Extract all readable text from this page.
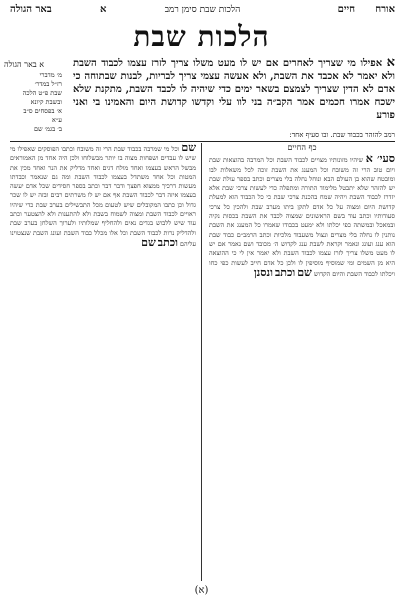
אורח
חיים
הלכות שבת סימן רמב
א
באר הגולה
הלכות שבת
א באר הגולה
מ׳ מדברי
רז״ל במדר׳
שבת פ״ט הלכה
ובשבת קיונא
א׳ בפסחים ס״ב
ע״א
ב׳ בגמ׳ שם
א אפילו מי שצריך לאחרים אם יש לו מעט משלו צריך לזרז עצמו לכבוד השבת ולא יאמר לא אכבד את השבת, ולא אעשה עצמי צריך לבריות, לבנות שבתוחה כי אדם לא הדין שצריך לצמצם בשאר ימים כדי שיהיה לו לכבד השבת, מתקנת שלא ישכח אמרו חכמים אמר הקב״ה בני לוו עלי וקדשו קדושת היום והאמינו בי ואני פורע
רמב להזהר בכבוד שבת. ובו סעיף אחד:
כף החיים
סעי׳ א שיהיו מזונותיו מצויים לכבוד השבת וכל המרבה בהוצאות שבת ויום טוב הרי זה משובח וכל המענג את השבת זוכה לכל משאלות לבו ומובטח שהוא בן העולם הבא ונוחל נחלה בלי מצרים וכתב בספר עולת שבת יש להזהר שלא יתבטל מלימוד התורה ומתפלה כדי לעשות צרכי שבת אלא יזדרז לכבוד השבת ויהיה שמח בהכנת צרכי שבת כי כל הכבוד הוא למעלת קדושת היום ומצוה על כל אדם לתקן ביתו מערב שבת ולהכין כל צרכי סעודותיו וכתב עוד בשם הראשונים שמצוה לכבד את השבת בכסות נקיה ובמאכל ובמשתה כפי יכלתו ולא ימעט בכבודו שאמרו כל המענג את השבת נותנין לו נחלה בלי מצרים ונצול משעבוד מלכיות וכתב הרמב״ם כבוד שבת הוא ענג ועונג ונאמר וקראת לשבת ענג לקדוש ה׳ מכובד ושם נאמר אם יש לו מעט משלו צריך לזרז עצמו לכבוד השבת ולא יאמר אין לי כי ההוצאה היא מן השמים ומי שמוסיף מוסיפין לו ולכן כל אדם חייב לעשות כפי כחו ויכלתו לכבוד השבת והיום הקדוש שם וכתב ונסנן
שם וכל מי שמרבה בכבוד שבת הרי זה משובח וכתבו הפוסקים שאפילו מי שיש לו עבדים ושפחות מצוה בו יותר מבשלוחו ולכן היה אחד מן האמוראים מבשל הראש בעצמו ואחד מולח דגים ואחד מדליק את הנר ואחד מכין את המטות וכל אחד משתדל בעצמו לכבוד השבת ומה גם שנאמר וכבדתו מעשות דרכיך ממצוא חפצך ודבר דבר וכתב בספר חסידים שכל אדם יעשה בעצמו איזה דבר לכבוד השבת אף אם יש לו משרתים רבים ובזה יש לו שכר גדול וכן כתבו המקובלים שיש לטעום מכל התבשילים בערב שבת כדי שיהיו ראויים לכבוד השבת ומצוה לשמוח בשבת ולא להתענות ולא להצטער וכתב עוד שיש ללבוש בגדים נאים ולהחליף שמלותיו ולערוך השלחן בערב שבת ולהדליק נרות לכבוד השבת וכל אלו מכלל כבוד השבת ועונג השבת שנצטוינו עליהם וכתב שם
(א)
